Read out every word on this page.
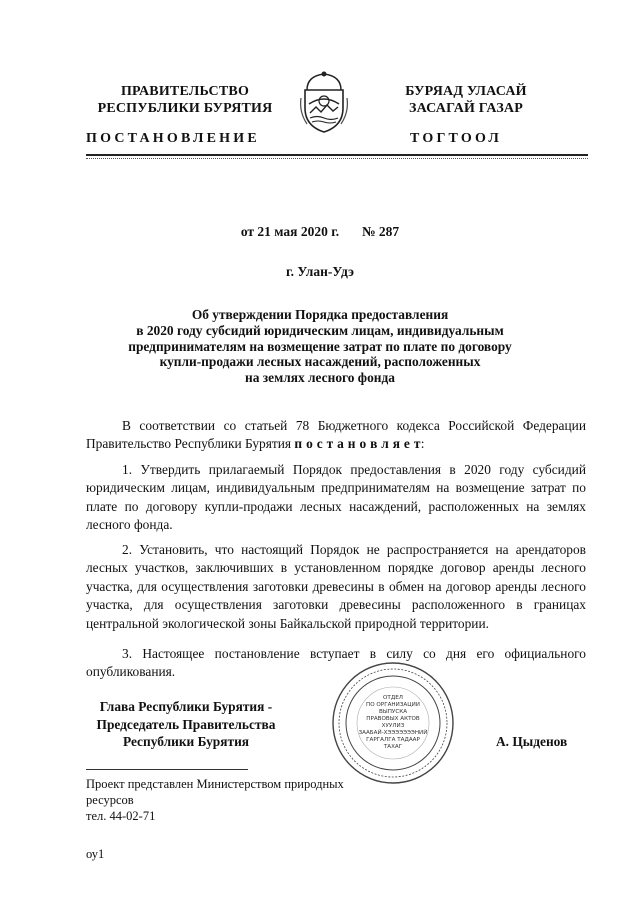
ПРАВИТЕЛЬСТВО
РЕСПУБЛИКИ БУРЯТИЯ
БУРЯАД УЛАСАЙ
ЗАСАГАЙ ГАЗАР
ПОСТАНОВЛЕНИЕ	ТОГТООЛ
от 21 мая 2020 г. № 287
г. Улан-Удэ
Об утверждении Порядка предоставления
в 2020 году субсидий юридическим лицам, индивидуальным
предпринимателям на возмещение затрат по плате по договору
купли-продажи лесных насаждений, расположенных
на землях лесного фонда
В соответствии со статьей 78 Бюджетного кодекса Российской Федерации Правительство Республики Бурятия п о с т а н о в л я е т:
1. Утвердить прилагаемый Порядок предоставления в 2020 году субсидий юридическим лицам, индивидуальным предпринимателям на возмещение затрат по плате по договору купли-продажи лесных насаждений, расположенных на землях лесного фонда.
2. Установить, что настоящий Порядок не распространяется на арендаторов лесных участков, заключивших в установленном порядке договор аренды лесного участка, для осуществления заготовки древесины в обмен на договор аренды лесного участка, для осуществления заготовки древесины расположенного в границах центральной экологической зоны Байкальской природной территории.
3. Настоящее постановление вступает в силу со дня его официального опубликования.
Глава Республики Бурятия -
Председатель Правительства
Республики Бурятия
ОТДЕЛ
ПО ОРГАНИЗАЦИИ
ВЫПУСКА
ПРАВОВЫХ АКТОВ
ХУУЛИЗ
ЗААБАЙ-ХЭЭЭЭЭЭЭНИЙ
ГАРГАЛГА ТАДААР
ТАХАГ	А. Цыденов
Проект представлен Министерством природных
ресурсов
тел. 44-02-71
оу1
